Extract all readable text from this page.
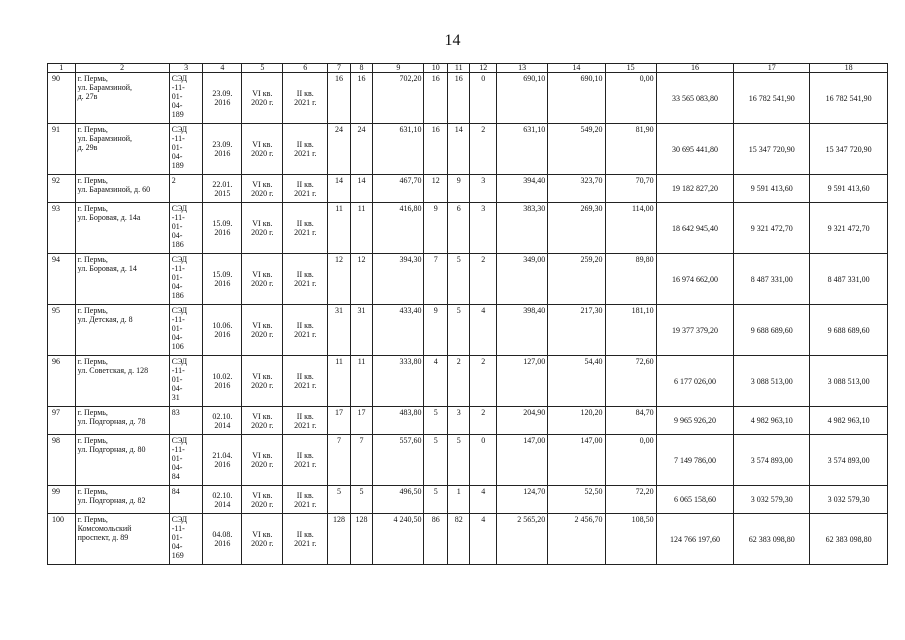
14
1	2	3	4	5	6	7	8	9	10	11	12	13	14	15	16	17	18
90	г. Пермь,
ул. Барамзиной,
д. 27в	СЭД
-11-
01-
04-
189	23.09.
2016	VI кв.
2020 г.	II кв.
2021 г.	16	16	702,20	16	16	0	690,10	690,10	0,00	33 565 083,80	16 782 541,90	16 782 541,90
91	г. Пермь,
ул. Барамзиной,
д. 29в	СЭД
-11-
01-
04-
189	23.09.
2016	VI кв.
2020 г.	II кв.
2021 г.	24	24	631,10	16	14	2	631,10	549,20	81,90	30 695 441,80	15 347 720,90	15 347 720,90
92	г. Пермь,
ул. Барамзиной, д. 60	2	22.01.
2015	VI кв.
2020 г.	II кв.
2021 г.	14	14	467,70	12	9	3	394,40	323,70	70,70	19 182 827,20	9 591 413,60	9 591 413,60
93	г. Пермь,
ул. Боровая, д. 14а	СЭД
-11-
01-
04-
186	15.09.
2016	VI кв.
2020 г.	II кв.
2021 г.	11	11	416,80	9	6	3	383,30	269,30	114,00	18 642 945,40	9 321 472,70	9 321 472,70
94	г. Пермь,
ул. Боровая, д. 14	СЭД
-11-
01-
04-
186	15.09.
2016	VI кв.
2020 г.	II кв.
2021 г.	12	12	394,30	7	5	2	349,00	259,20	89,80	16 974 662,00	8 487 331,00	8 487 331,00
95	г. Пермь,
ул. Детская, д. 8	СЭД
-11-
01-
04-
106	10.06.
2016	VI кв.
2020 г.	II кв.
2021 г.	31	31	433,40	9	5	4	398,40	217,30	181,10	19 377 379,20	9 688 689,60	9 688 689,60
96	г. Пермь,
ул. Советская, д. 128	СЭД
-11-
01-
04-
31	10.02.
2016	VI кв.
2020 г.	II кв.
2021 г.	11	11	333,80	4	2	2	127,00	54,40	72,60	6 177 026,00	3 088 513,00	3 088 513,00
97	г. Пермь,
ул. Подгорная, д. 78	83	02.10.
2014	VI кв.
2020 г.	II кв.
2021 г.	17	17	483,80	5	3	2	204,90	120,20	84,70	9 965 926,20	4 982 963,10	4 982 963,10
98	г. Пермь,
ул. Подгорная, д. 80	СЭД
-11-
01-
04-
84	21.04.
2016	VI кв.
2020 г.	II кв.
2021 г.	7	7	557,60	5	5	0	147,00	147,00	0,00	7 149 786,00	3 574 893,00	3 574 893,00
99	г. Пермь,
ул. Подгорная, д. 82	84	02.10.
2014	VI кв.
2020 г.	II кв.
2021 г.	5	5	496,50	5	1	4	124,70	52,50	72,20	6 065 158,60	3 032 579,30	3 032 579,30
100	г. Пермь,
Комсомольский
проспект, д. 89	СЭД
-11-
01-
04-
169	04.08.
2016	VI кв.
2020 г.	II кв.
2021 г.	128	128	4 240,50	86	82	4	2 565,20	2 456,70	108,50	124 766 197,60	62 383 098,80	62 383 098,80
